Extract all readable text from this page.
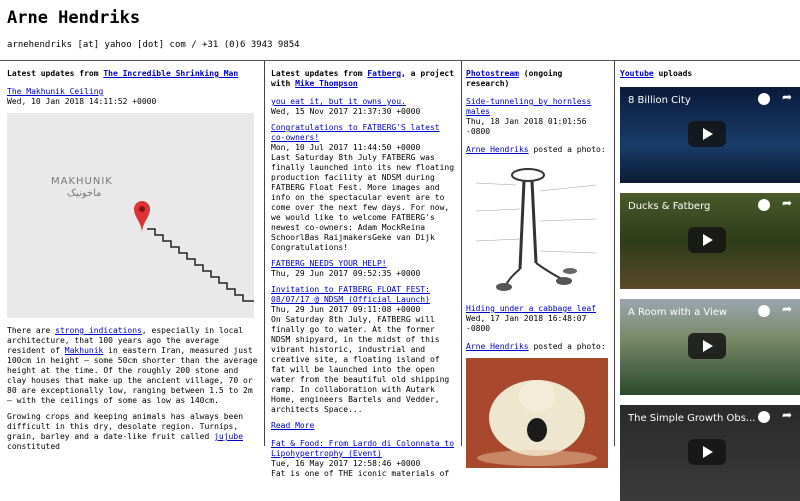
Arne Hendriks
arnehendriks [at] yahoo [dot] com / +31 (0)6 3943 9854
Latest updates from The Incredible Shrinking Man
The Makhunik Ceiling
Wed, 10 Jan 2018 14:11:52 +0000
MAKHUNIK
ماخونیک

There are strong indications, especially in local architecture, that 100 years ago the average resident of Makhunik in eastern Iran, measured just 100cm in height – some 50cm shorter than the average height at the time. Of the roughly 200 stone and clay houses that make up the ancient village, 70 or 80 are exceptionally low, ranging between 1.5 to 2m – with the ceilings of some as low as 140cm.

Growing crops and keeping animals has always been difficult in this dry, desolate region. Turnips, grain, barley and a date-like fruit called jujube constituted

Latest updates from Fatberg, a project with Mike Thompson
you eat it, but it owns you.
Wed, 15 Nov 2017 21:37:30 +0000
Congratulations to FATBERG'S latest co-owners!
Mon, 10 Jul 2017 11:44:50 +0000

Last Saturday 8th July FATBERG was finally launched into its new floating production facility at NDSM during FATBERG Float Fest. More images and info on the spectacular event are to come over the next few days. For now, we would like to welcome FATBERG's newest co-owners: Adam MockReina SchoorlBas RaijmakersGeke van Dijk Congratulations!

FATBERG NEEDS YOUR HELP!
Thu, 29 Jun 2017 09:52:35 +0000
Invitation to FATBERG FLOAT FEST: 08/07/17 @ NDSM (Official Launch)
Thu, 29 Jun 2017 09:11:08 +0000

On Saturday 8th July, FATBERG will finally go to water. At the former NDSM shipyard, in the midst of this vibrant historic, industrial and creative site, a floating island of fat will be launched into the open water from the beautiful old shipping ramp. In collaboration with Autark Home, engineers Bartels and Vedder, architects Space...

Read More
Fat & Food: From Lardo di Colonnata to Lipohypertrophy (Event)
Tue, 16 May 2017 12:58:46 +0000

Fat is one of THE iconic materials of

Photostream (ongoing research)
Side-tunneling by hornless males
Thu, 18 Jan 2018 01:01:56 -0800
Arne Hendriks posted a photo:
Hiding under a cabbage leaf
Wed, 17 Jan 2018 16:48:07 -0800
Arne Hendriks posted a photo:
Youtube uploads
8 Billion City	➦
Ducks & Fatberg	➦
A Room with a View	➦
The Simple Growth Obs... ➦
